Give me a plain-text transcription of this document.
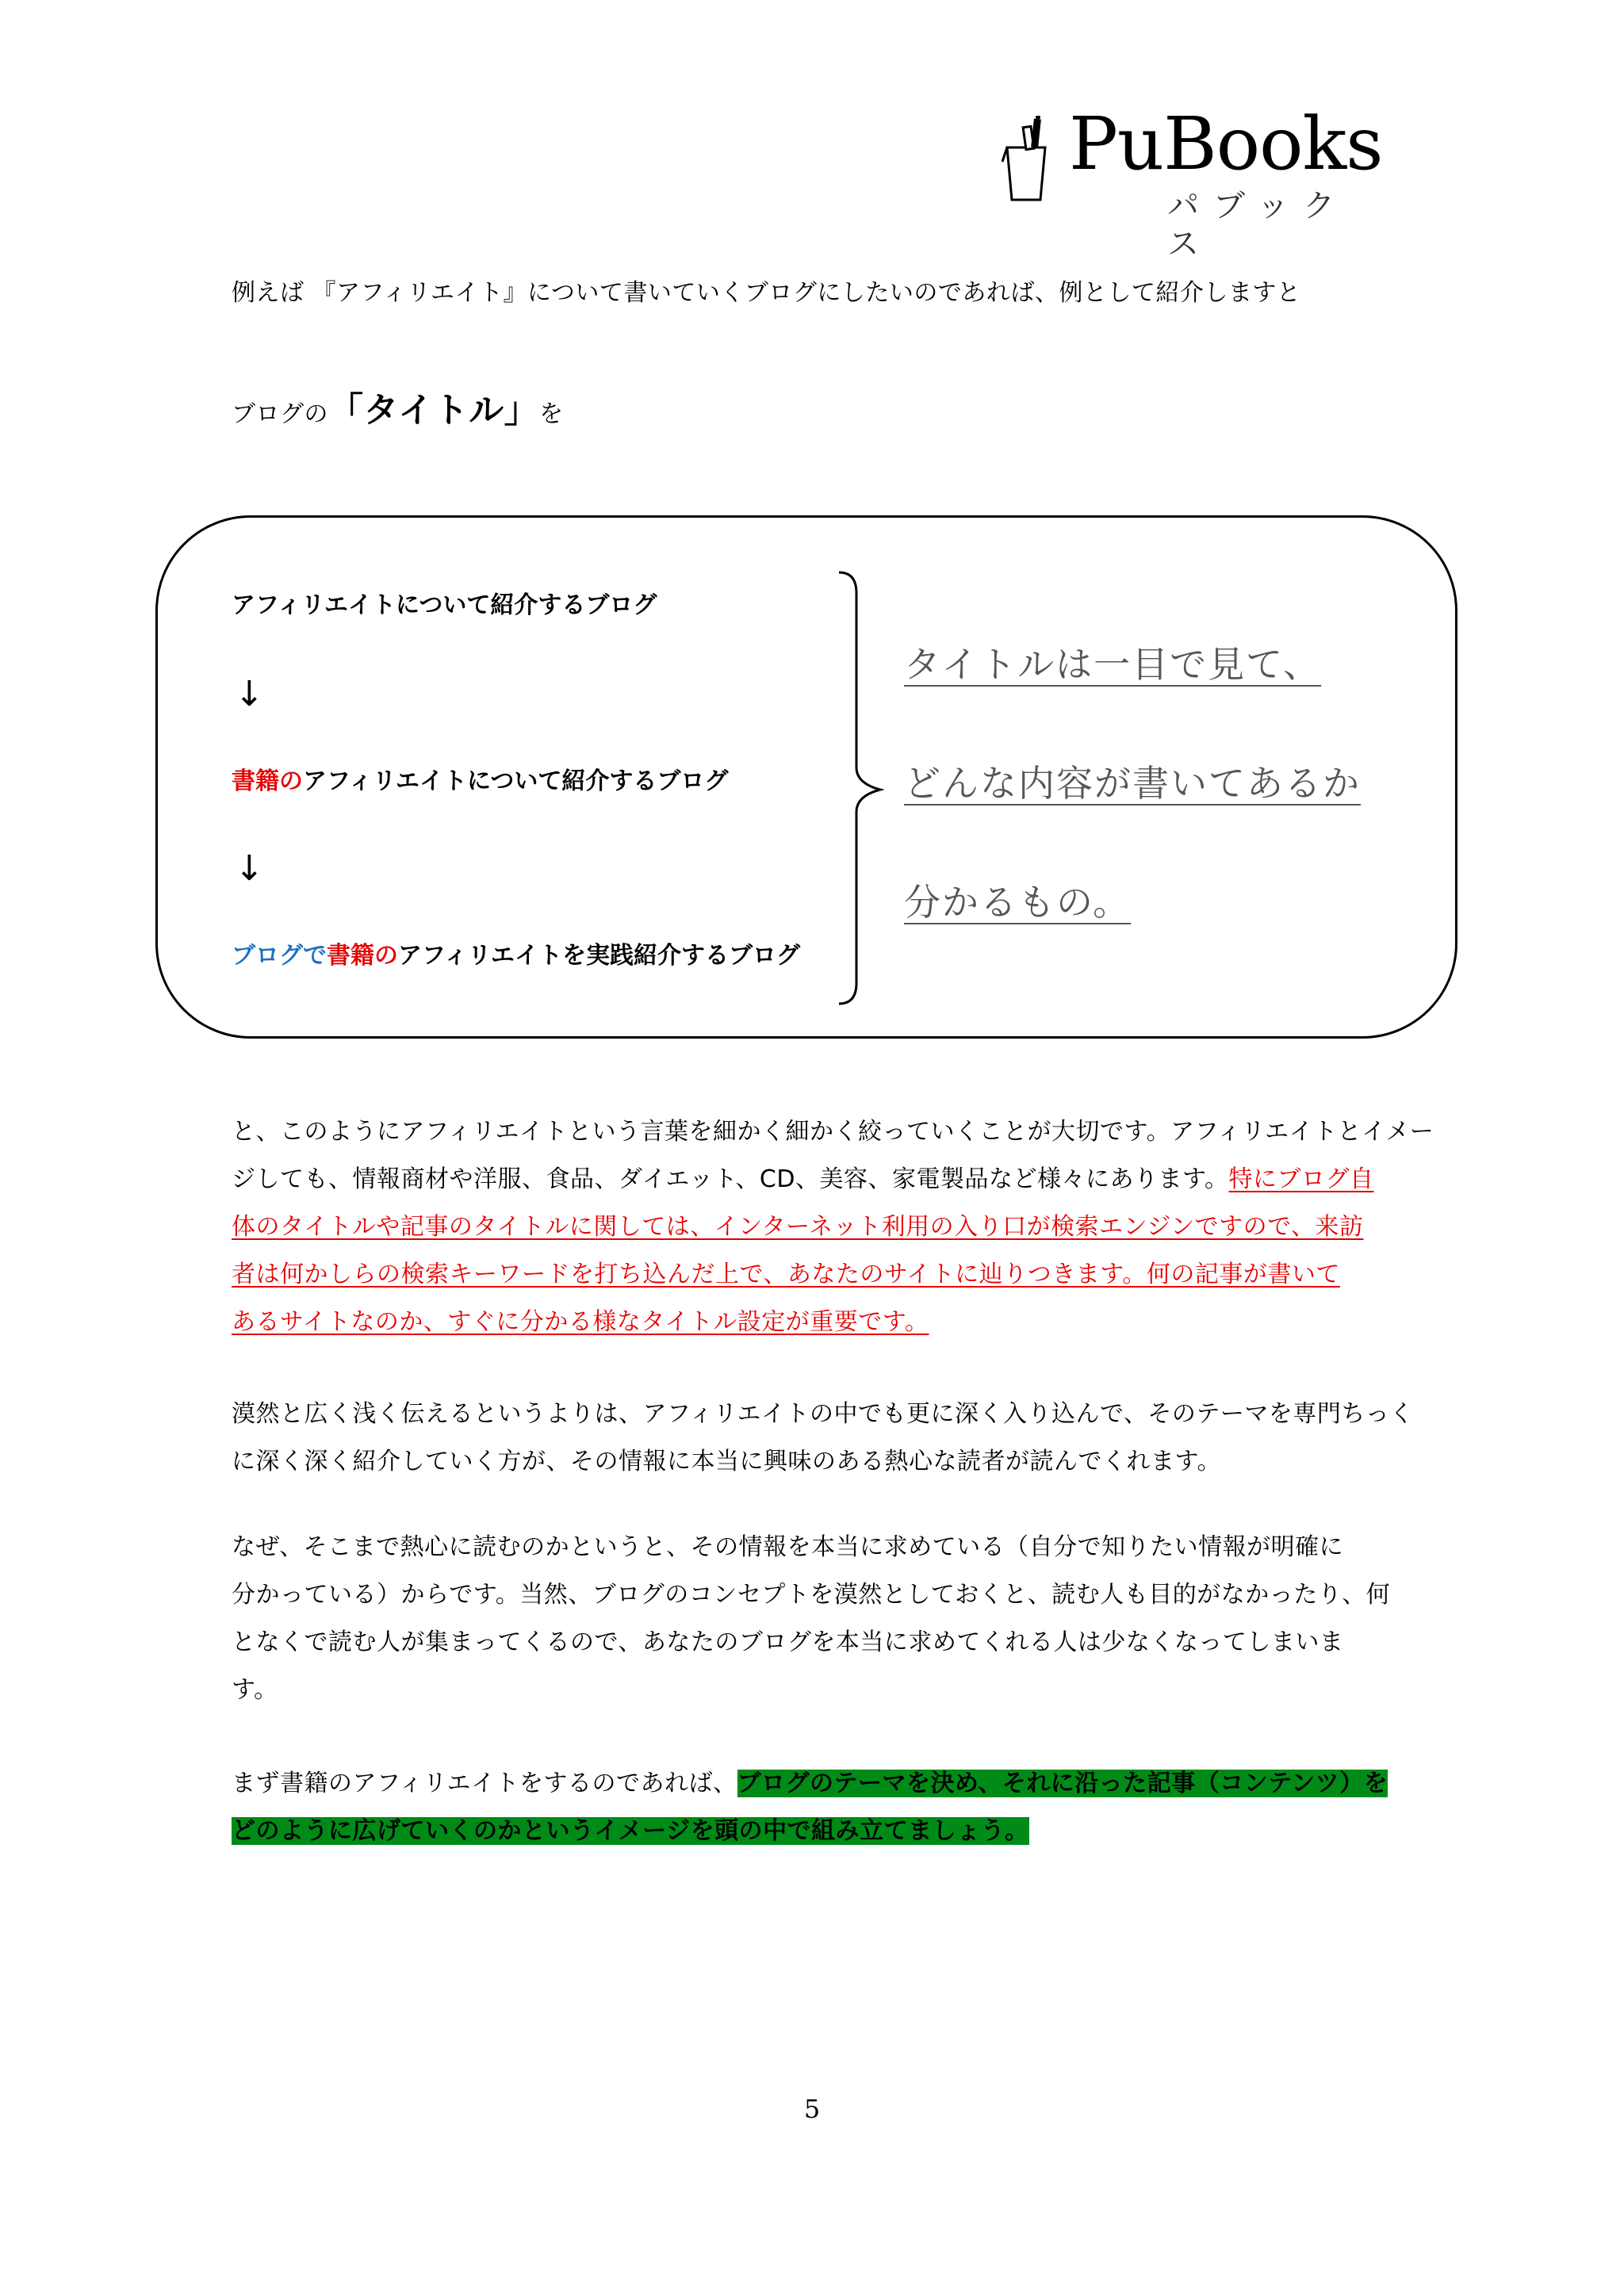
PuBooks
パブックス
例えば 『アフィリエイト』について書いていくブログにしたいのであれば、例として紹介しますと
ブログの「タイトル」を
アフィリエイトについて紹介するブログ
↓
書籍のアフィリエイトについて紹介するブログ
↓
ブログで書籍のアフィリエイトを実践紹介するブログ
タイトルは一目で見て、
どんな内容が書いてあるか
分かるもの。
と、このようにアフィリエイトという言葉を細かく細かく絞っていくことが大切です。アフィリエイトとイメー
ジしても、情報商材や洋服、食品、ダイエット、CD、美容、家電製品など様々にあります。特にブログ自
体のタイトルや記事のタイトルに関しては、インターネット利用の入り口が検索エンジンですので、来訪
者は何かしらの検索キーワードを打ち込んだ上で、あなたのサイトに辿りつきます。何の記事が書いて
あるサイトなのか、すぐに分かる様なタイトル設定が重要です。
漠然と広く浅く伝えるというよりは、アフィリエイトの中でも更に深く入り込んで、そのテーマを専門ちっく
に深く深く紹介していく方が、その情報に本当に興味のある熱心な読者が読んでくれます。
なぜ、そこまで熱心に読むのかというと、その情報を本当に求めている（自分で知りたい情報が明確に
分かっている）からです。当然、ブログのコンセプトを漠然としておくと、読む人も目的がなかったり、何
となくで読む人が集まってくるので、あなたのブログを本当に求めてくれる人は少なくなってしまいま
す。
まず書籍のアフィリエイトをするのであれば、ブログのテーマを決め、それに沿った記事（コンテンツ）を
どのように広げていくのかというイメージを頭の中で組み立てましょう。
5
